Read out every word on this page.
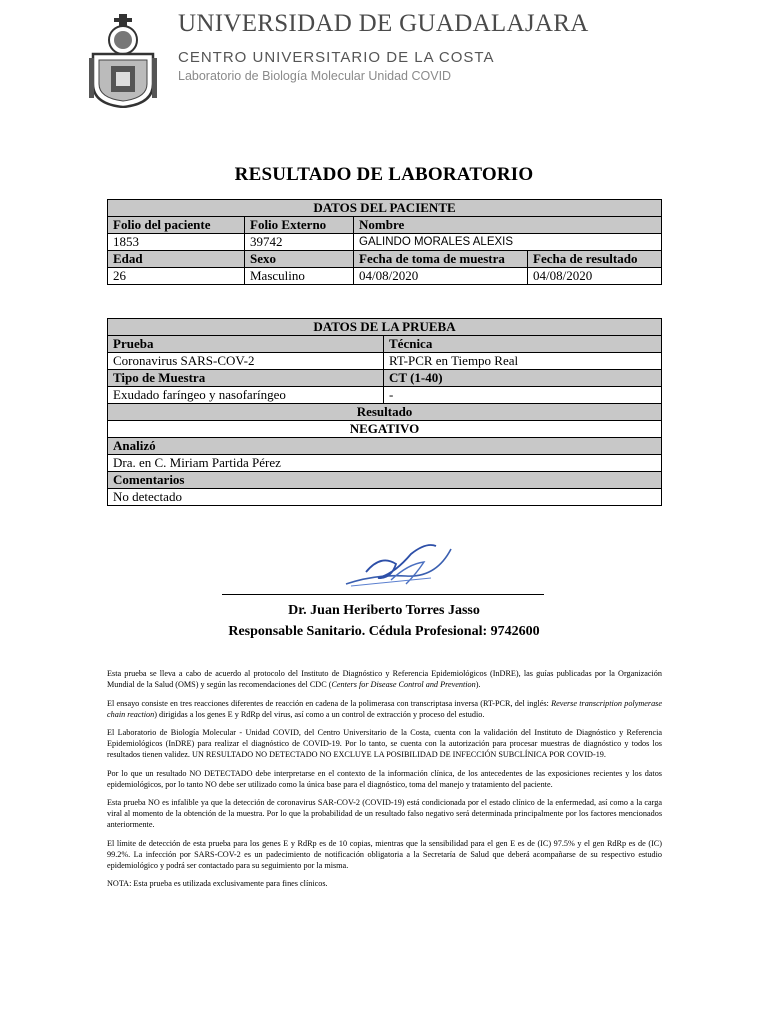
UNIVERSIDAD DE GUADALAJARA
CENTRO UNIVERSITARIO DE LA COSTA
Laboratorio de Biología Molecular Unidad COVID
RESULTADO DE LABORATORIO
DATOS DEL PACIENTE			
Folio del paciente	Folio Externo	Nombre	
1853	39742	GALINDO MORALES ALEXIS	
Edad	Sexo	Fecha de toma de muestra	Fecha de resultado
26	Masculino	04/08/2020	04/08/2020
DATOS DE LA PRUEBA	
Prueba	Técnica
Coronavirus SARS-COV-2	RT-PCR en Tiempo Real
Tipo de Muestra	CT (1-40)
Exudado faríngeo y nasofaríngeo	-
Resultado	
NEGATIVO	
Analizó	
Dra. en C. Miriam Partida Pérez	
Comentarios	
No detectado	
Dr. Juan Heriberto Torres Jasso
Responsable Sanitario. Cédula Profesional: 9742600

Esta prueba se lleva a cabo de acuerdo al protocolo del Instituto de Diagnóstico y Referencia Epidemiológicos (InDRE), las guías publicadas por la Organización Mundial de la Salud (OMS) y según las recomendaciones del CDC (Centers for Disease Control and Prevention).

El ensayo consiste en tres reacciones diferentes de reacción en cadena de la polimerasa con transcriptasa inversa (RT-PCR, del inglés: Reverse transcription polymerase chain reaction) dirigidas a los genes E y RdRp del virus, así como a un control de extracción y proceso del estudio.

El Laboratorio de Biología Molecular - Unidad COVID, del Centro Universitario de la Costa, cuenta con la validación del Instituto de Diagnóstico y Referencia Epidemiológicos (InDRE) para realizar el diagnóstico de COVID-19. Por lo tanto, se cuenta con la autorización para procesar muestras de diagnóstico y todos los resultados tienen validez. UN RESULTADO NO DETECTADO NO EXCLUYE LA POSIBILIDAD DE INFECCIÓN SUBCLÍNICA POR COVID-19.

Por lo que un resultado NO DETECTADO debe interpretarse en el contexto de la información clínica, de los antecedentes de las exposiciones recientes y los datos epidemiológicos, por lo tanto NO debe ser utilizado como la única base para el diagnóstico, toma del manejo y tratamiento del paciente.

Esta prueba NO es infalible ya que la detección de coronavirus SAR-COV-2 (COVID-19) está condicionada por el estado clínico de la enfermedad, así como a la carga viral al momento de la obtención de la muestra. Por lo que la probabilidad de un resultado falso negativo será determinada principalmente por los factores mencionados anteriormente.

El límite de detección de esta prueba para los genes E y RdRp es de 10 copias, mientras que la sensibilidad para el gen E es de (IC) 97.5% y el gen RdRp es de (IC) 99.2%. La infección por SARS-COV-2 es un padecimiento de notificación obligatoria a la Secretaría de Salud que deberá acompañarse de su respectivo estudio epidemiológico y podrá ser contactado para su seguimiento por la misma.

NOTA: Esta prueba es utilizada exclusivamente para fines clínicos.
